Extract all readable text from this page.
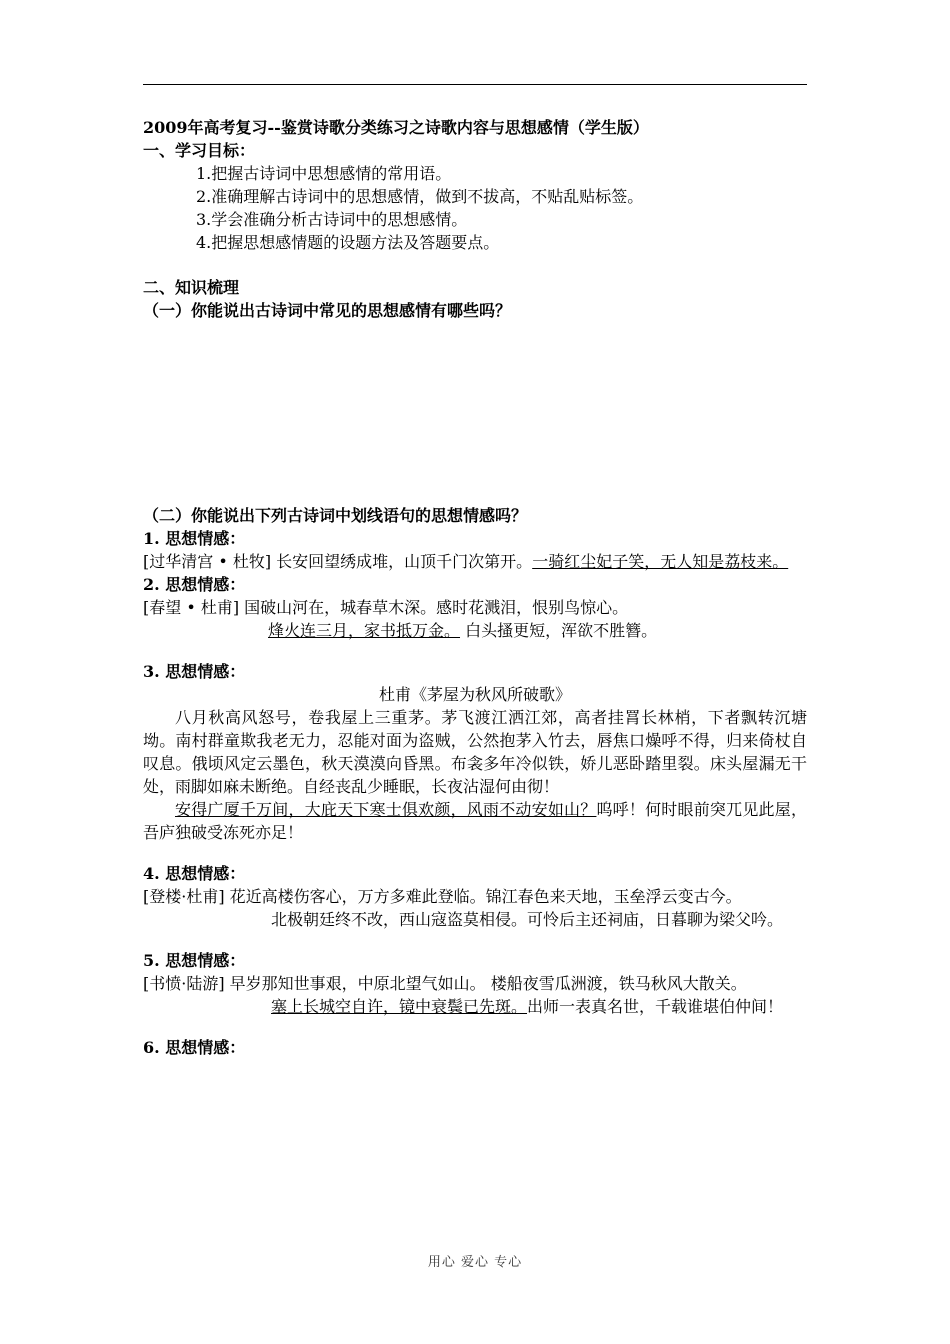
2009年高考复习--鉴赏诗歌分类练习之诗歌内容与思想感情（学生版）

一、学习目标：

1.把握古诗词中思想感情的常用语。

2.准确理解古诗词中的思想感情，做到不拔高，不贴乱贴标签。

3.学会准确分析古诗词中的思想感情。

4.把握思想感情题的设题方法及答题要点。

二、知识梳理

（一）你能说出古诗词中常见的思想感情有哪些吗？

（二）你能说出下列古诗词中划线语句的思想情感吗？

1. 思想情感：

[过华清宫 • 杜牧] 长安回望绣成堆，山顶千门次第开。一骑红尘妃子笑，无人知是荔枝来。

2. 思想情感：

[春望 • 杜甫] 国破山河在，城春草木深。感时花溅泪，恨别鸟惊心。

烽火连三月，家书抵万金。 白头搔更短，浑欲不胜簪。

3. 思想情感：

杜甫《茅屋为秋风所破歌》

八月秋高风怒号，卷我屋上三重茅。茅飞渡江洒江郊，高者挂罥长林梢，下者飘转沉塘坳。南村群童欺我老无力，忍能对面为盗贼，公然抱茅入竹去，唇焦口燥呼不得，归来倚杖自叹息。俄顷风定云墨色，秋天漠漠向昏黑。布衾多年冷似铁，娇儿恶卧踏里裂。床头屋漏无干处，雨脚如麻未断绝。自经丧乱少睡眠，长夜沾湿何由彻！

安得广厦千万间，大庇天下寒士俱欢颜，风雨不动安如山？呜呼！何时眼前突兀见此屋，吾庐独破受冻死亦足！

4. 思想情感：

[登楼·杜甫] 花近高楼伤客心，万方多难此登临。锦江春色来天地，玉垒浮云变古今。

北极朝廷终不改，西山寇盗莫相侵。可怜后主还祠庙，日暮聊为梁父吟。

5. 思想情感：

[书愤·陆游] 早岁那知世事艰，中原北望气如山。 楼船夜雪瓜洲渡，铁马秋风大散关。

塞上长城空自许，镜中衰鬓已先斑。出师一表真名世，千载谁堪伯仲间！

6. 思想情感：

用心 爱心 专心
